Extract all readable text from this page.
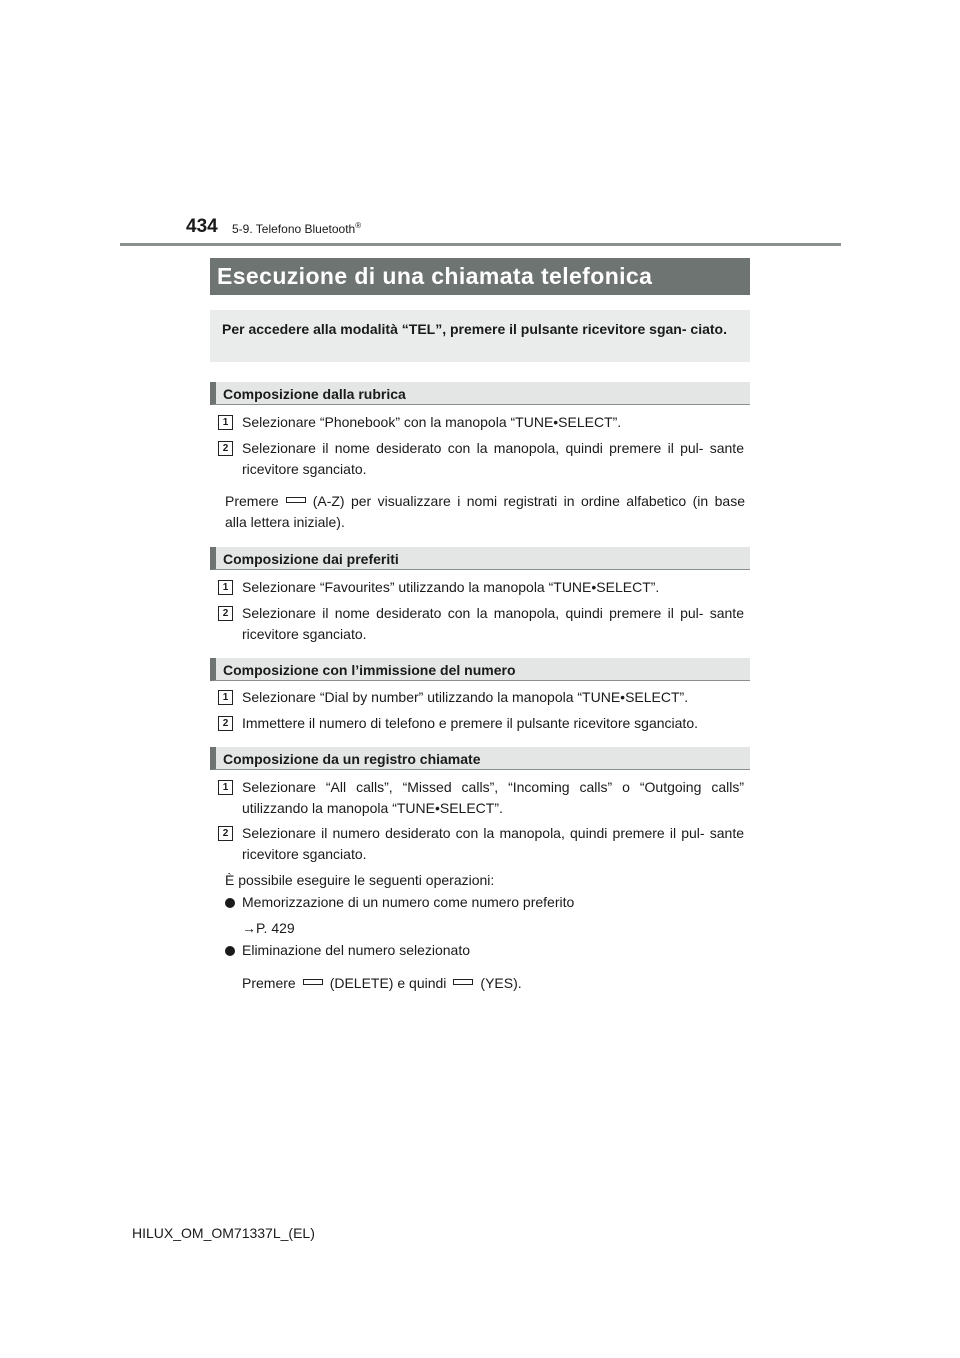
434 5-9. Telefono Bluetooth®
Esecuzione di una chiamata telefonica
Per accedere alla modalità “TEL”, premere il pulsante ricevitore sgan- ciato.
Composizione dalla rubrica
1 Selezionare “Phonebook” con la manopola “TUNE•SELECT”.
2 Selezionare il nome desiderato con la manopola, quindi premere il pul- sante ricevitore sganciato.
Premere (A-Z) per visualizzare i nomi registrati in ordine alfabetico (in base alla lettera iniziale).
Composizione dai preferiti
1 Selezionare “Favourites” utilizzando la manopola “TUNE•SELECT”.
2 Selezionare il nome desiderato con la manopola, quindi premere il pul- sante ricevitore sganciato.
Composizione con l’immissione del numero
1 Selezionare “Dial by number” utilizzando la manopola “TUNE•SELECT”.
2 Immettere il numero di telefono e premere il pulsante ricevitore sganciato.
Composizione da un registro chiamate
1 Selezionare “All calls”, “Missed calls”, “Incoming calls” o “Outgoing calls” utilizzando la manopola “TUNE•SELECT”.
2 Selezionare il numero desiderato con la manopola, quindi premere il pul- sante ricevitore sganciato.
È possibile eseguire le seguenti operazioni:
Memorizzazione di un numero come numero preferito
→P. 429
Eliminazione del numero selezionato
Premere (DELETE) e quindi (YES).
HILUX_OM_OM71337L_(EL)
